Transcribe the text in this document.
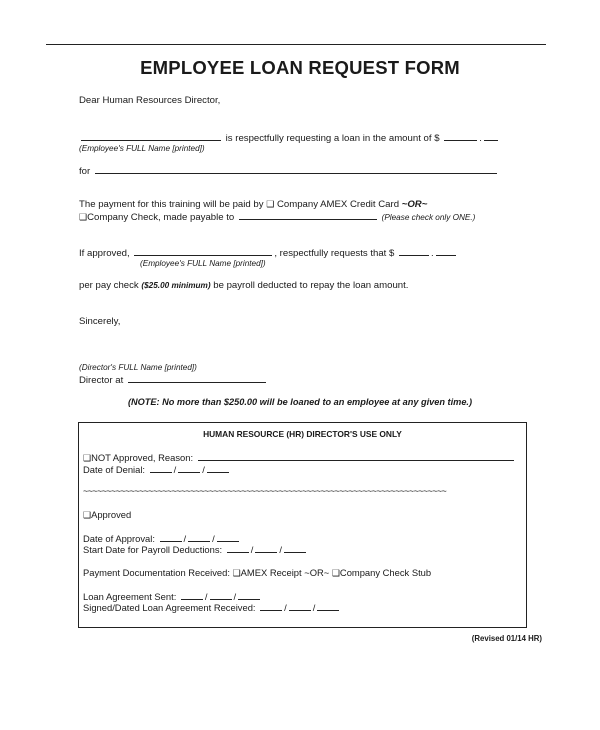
EMPLOYEE LOAN REQUEST FORM
Dear Human Resources Director,
is respectfully requesting a loan in the amount of $	.
(Employee's FULL Name [printed])
for
The payment for this training will be paid by ❑ Company AMEX Credit Card ~OR~
❑Company Check, made payable to	(Please check only ONE.)
If approved,	, respectfully requests that $	.
(Employee's FULL Name [printed])
per pay check ($25.00 minimum) be payroll deducted to repay the loan amount.
Sincerely,
(Director's FULL Name [printed])
Director at
(NOTE: No more than $250.00 will be loaned to an employee at any given time.)
HUMAN RESOURCE (HR) DIRECTOR'S USE ONLY
❑NOT Approved, Reason:
Date of Denial:	/	/
~~~~~~~~~~~~~~~~~~~~~~~~~~~~~~~~~~~~~~~~~~~~~~~~~~~~~~~~~~~~~~~~~~~~~~~~~~~~~~
❑Approved
Date of Approval:	/	/
Start Date for Payroll Deductions:	/	/
Payment Documentation Received: ❑AMEX Receipt ~OR~ ❑Company Check Stub
Loan Agreement Sent:	/	/
Signed/Dated Loan Agreement Received:	/	/
(Revised 01/14 HR)
